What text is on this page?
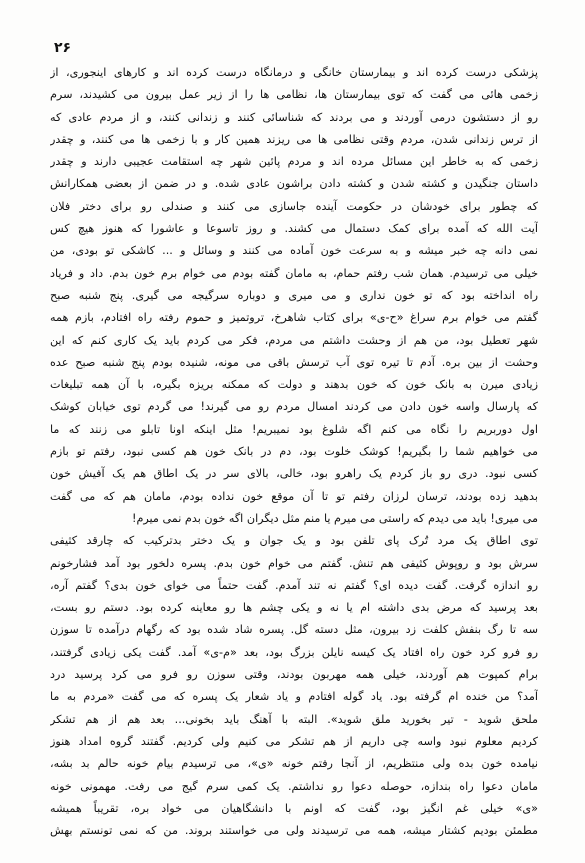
۲۶
پزشکی درست کرده اند و بیمارستان خانگی و درمانگاه درست کرده اند و کارهای اینجوری، از
زخمی هائی می گفت که توی بیمارستان ها، نظامی ها را از زیر عمل بیرون می کشیدند، سرم
رو از دستشون درمی آوردند و می بردند که شناسائی کنند و زندانی کنند، و از مردم عادی که
از ترس زندانی شدن، مردم وقتی نظامی ها می ریزند همین کار و با زخمی ها می کنند، و چقدر
زخمی که به خاطر این مسائل مرده اند و مردم پائین شهر چه استقامت عجیبی دارند و چقدر
داستان جنگیدن و کشته شدن و کشته دادن براشون عادی شده. و در ضمن از بعضی همکارانش
که چطور برای خودشان در حکومت آینده جاسازی می کنند و صندلی رو برای دختر فلان
آیت الله که آمده برای کمک دستمال می کشند. و روز تاسوعا و عاشورا که هنوز هیچ کس
نمی دانه چه خبر میشه و به سرعت خون آماده می کنند و وسائل و ... کاشکی تو بودی، من
خیلی می ترسیدم. همان شب رفتم حمام، به مامان گفته بودم می خوام برم خون بدم. داد و فریاد
راه انداخته بود که تو خون نداری و می میری و دوباره سرگیجه می گیری. پنج شنبه صبح
گفتم می خوام برم سراغ «ح-ی» برای کتاب شاهرخ، تروتمیز و حموم رفته راه افتادم، بازم همه
شهر تعطیل بود، من هم از وحشت داشتم می مردم، فکر می کردم باید یک کاری کنم که این
وحشت از بین بره. آدم تا تیره توی آب ترسش باقی می مونه، شنیده بودم پنج شنبه صبح عده
زیادی میرن به بانک خون که خون بدهند و دولت که ممکنه بریزه بگیره، با آن همه تبلیغات
که پارسال واسه خون دادن می کردند امسال مردم رو می گیرند! می گردم توی خیابان کوشک
اول دوربریم را نگاه می کنم اگه شلوغ بود نمیبریم! مثل اینکه اونا تابلو می زنند که ما
می خواهیم شما را بگیریم! کوشک خلوت بود، دم در بانک خون هم کسی نبود، رفتم تو بازم
کسی نبود. دری رو باز کردم یک راهرو بود، خالی، بالای سر در یک اطاق هم یک آفیش خون
بدهید زده بودند، ترسان لرزان رفتم تو تا آن موقع خون نداده بودم، مامان هم که می گفت
می میری! باید می دیدم که راستی می میرم یا منم مثل دیگران اگه خون بدم نمی میرم!
توی اطاق یک مرد تُرک پای تلفن بود و یک جوان و یک دختر بدترکیب که چارقد کثیفی
سرش بود و روپوش کثیفی هم تنش. گفتم می خوام خون بدم. پسره دلخور بود آمد فشارخونم
رو اندازه گرفت. گفت دیده ای؟ گفتم نه تند آمدم. گفت حتماً می خوای خون بدی؟ گفتم آره،
بعد پرسید که مرض بدی داشته ام یا نه و یکی چشم ها رو معاینه کرده بود. دستم رو بست،
سه تا رگ بنفش کلفت زد بیرون، مثل دسته گل. پسره شاد شده بود که رگهام درآمده تا سوزن
رو فرو کرد خون راه افتاد یک کیسه نایلن بزرگ بود، بعد «م-ی» آمد. گفت یکی زیادی گرفتند،
برام کمپوت هم آوردند، خیلی همه مهربون بودند، وقتی سوزن رو فرو می کرد پرسید درد
آمد؟ من خنده ام گرفته بود. یاد گوله افتادم و یاد شعار یک پسره که می گفت «مردم به ما
ملحق شوید - تیر بخورید ملق شوید». البته با آهنگ باید بخونی... بعد هم از هم تشکر
کردیم معلوم نبود واسه چی داریم از هم تشکر می کنیم ولی کردیم. گفتند گروه امداد هنوز
نیامده خون بده ولی منتظریم، از آنجا رفتم خونه «ی»، می ترسیدم بیام خونه حالم بد بشه،
مامان دعوا راه بندازه، حوصله دعوا رو نداشتم. یک کمی سرم گیج می رفت. مهمونی خونه
«ی» خیلی غم انگیز بود، گفت که اونم با دانشگاهیان می خواد بره، تقریباً همیشه
مطمئن بودیم کشتار میشه، همه می ترسیدند ولی می خواستند بروند. من که نمی تونستم بهش
